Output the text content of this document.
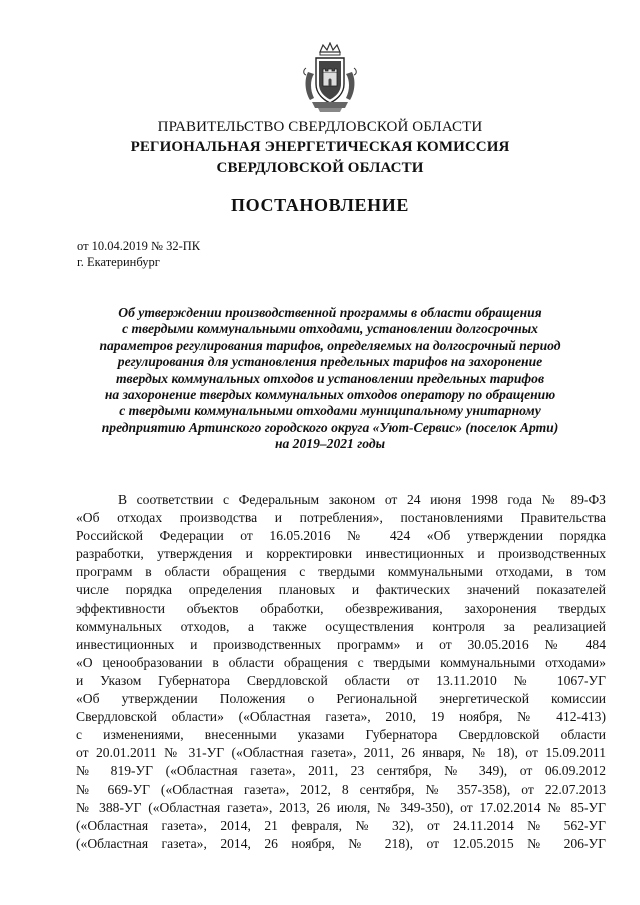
ПРАВИТЕЛЬСТВО СВЕРДЛОВСКОЙ ОБЛАСТИ
РЕГИОНАЛЬНАЯ ЭНЕРГЕТИЧЕСКАЯ КОМИССИЯ
СВЕРДЛОВСКОЙ ОБЛАСТИ
ПОСТАНОВЛЕНИЕ
от 10.04.2019 № 32-ПК
г. Екатеринбург
Об утверждении производственной программы в области обращения
с твердыми коммунальными отходами, установлении долгосрочных
параметров регулирования тарифов, определяемых на долгосрочный период
регулирования для установления предельных тарифов на захоронение
твердых коммунальных отходов и установлении предельных тарифов
на захоронение твердых коммунальных отходов оператору по обращению
с твердыми коммунальными отходами муниципальному унитарному
предприятию Артинского городского округа «Уют-Сервис» (поселок Арти)
на 2019–2021 годы
В соответствии с Федеральным законом от 24 июня 1998 года № 89-ФЗ
«Об отходах производства и потребления», постановлениями Правительства
Российской Федерации от 16.05.2016 № 424 «Об утверждении порядка
разработки, утверждения и корректировки инвестиционных и производственных
программ в области обращения с твердыми коммунальными отходами, в том
числе порядка определения плановых и фактических значений показателей
эффективности объектов обработки, обезвреживания, захоронения твердых
коммунальных отходов, а также осуществления контроля за реализацией
инвестиционных и производственных программ» и от 30.05.2016 № 484
«О ценообразовании в области обращения с твердыми коммунальными отходами»
и Указом Губернатора Свердловской области от 13.11.2010 № 1067-УГ
«Об утверждении Положения о Региональной энергетической комиссии
Свердловской области» («Областная газета», 2010, 19 ноября, № 412-413)
с изменениями, внесенными указами Губернатора Свердловской области
от 20.01.2011 № 31-УГ («Областная газета», 2011, 26 января, № 18), от 15.09.2011
№ 819-УГ («Областная газета», 2011, 23 сентября, № 349), от 06.09.2012
№ 669-УГ («Областная газета», 2012, 8 сентября, № 357-358), от 22.07.2013
№ 388-УГ («Областная газета», 2013, 26 июля, № 349-350), от 17.02.2014 № 85-УГ
(«Областная газета», 2014, 21 февраля, № 32), от 24.11.2014 № 562-УГ
(«Областная газета», 2014, 26 ноября, № 218), от 12.05.2015 № 206-УГ
